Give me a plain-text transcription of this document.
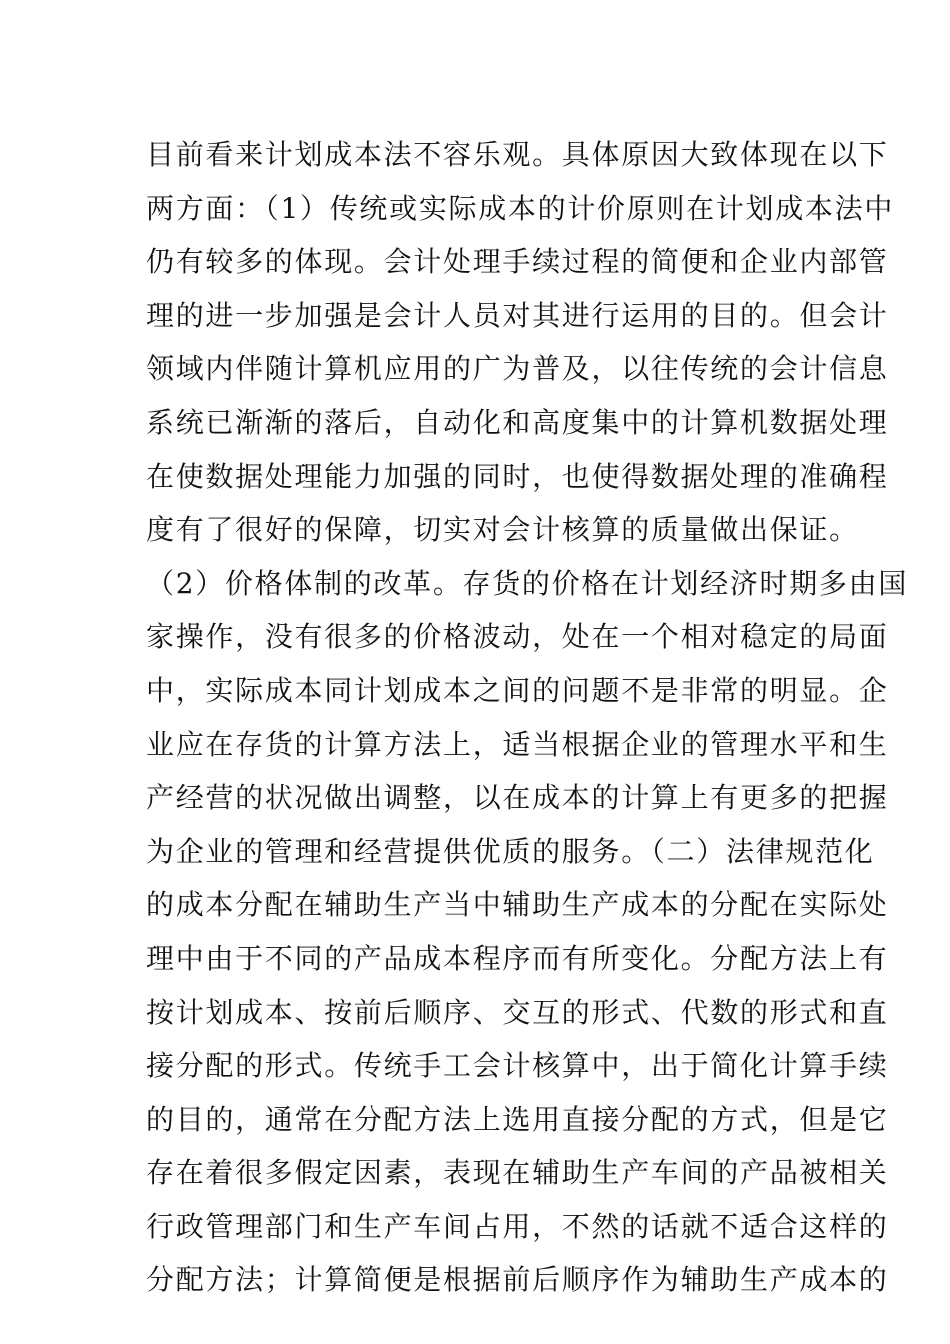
目前看来计划成本法不容乐观。具体原因大致体现在以下
两方面：（1）传统或实际成本的计价原则在计划成本法中
仍有较多的体现。会计处理手续过程的简便和企业内部管
理的进一步加强是会计人员对其进行运用的目的。但会计
领域内伴随计算机应用的广为普及，以往传统的会计信息
系统已渐渐的落后，自动化和高度集中的计算机数据处理
在使数据处理能力加强的同时，也使得数据处理的准确程
度有了很好的保障，切实对会计核算的质量做出保证。
（2）价格体制的改革。存货的价格在计划经济时期多由国
家操作，没有很多的价格波动，处在一个相对稳定的局面
中，实际成本同计划成本之间的问题不是非常的明显。企
业应在存货的计算方法上，适当根据企业的管理水平和生
产经营的状况做出调整，以在成本的计算上有更多的把握
为企业的管理和经营提供优质的服务。（二）法律规范化
的成本分配在辅助生产当中辅助生产成本的分配在实际处
理中由于不同的产品成本程序而有所变化。分配方法上有
按计划成本、按前后顺序、交互的形式、代数的形式和直
接分配的形式。传统手工会计核算中，出于简化计算手续
的目的，通常在分配方法上选用直接分配的方式，但是它
存在着很多假定因素，表现在辅助生产车间的产品被相关
行政管理部门和生产车间占用，不然的话就不适合这样的
分配方法；计算简便是根据前后顺序作为辅助生产成本的
